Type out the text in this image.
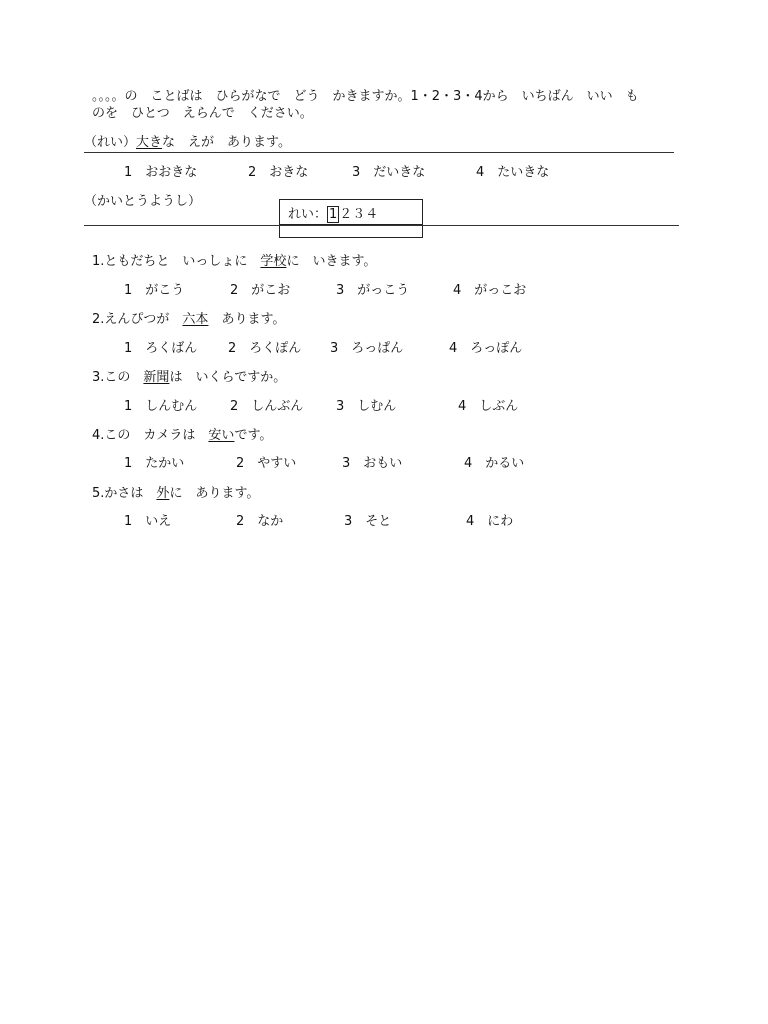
。。。。の　ことばは　ひらがなで　どう　かきますか。1・2・3・4から　いちばん　いい　も
のを　ひとつ　えらんで　ください。
（れい）大きな　えが　あります。
1　 おおきな	2　 おきな	3　 だいきな	4　 たいきな
（かいとうようし）
れい： 1 ２３４
1.ともだちと　いっしょに　学校に　いきます。
1　 がこう	2　 がこお	3　 がっこう	4　 がっこお
2.えんぴつが　六本　あります。
1　 ろくばん 2　 ろくぽん 3　 ろっぱん	4　 ろっぽん
3.この　新聞は　いくらですか。
1　 しんむん	2　 しんぶん	3　 しむん	4　 しぶん
4.この　カメラは　安いです。
1　 たかい	2　 やすい	3　 おもい	4　 かるい
5.かさは　外に　あります。
1　 いえ	2　 なか	3　 そと	4　 にわ
